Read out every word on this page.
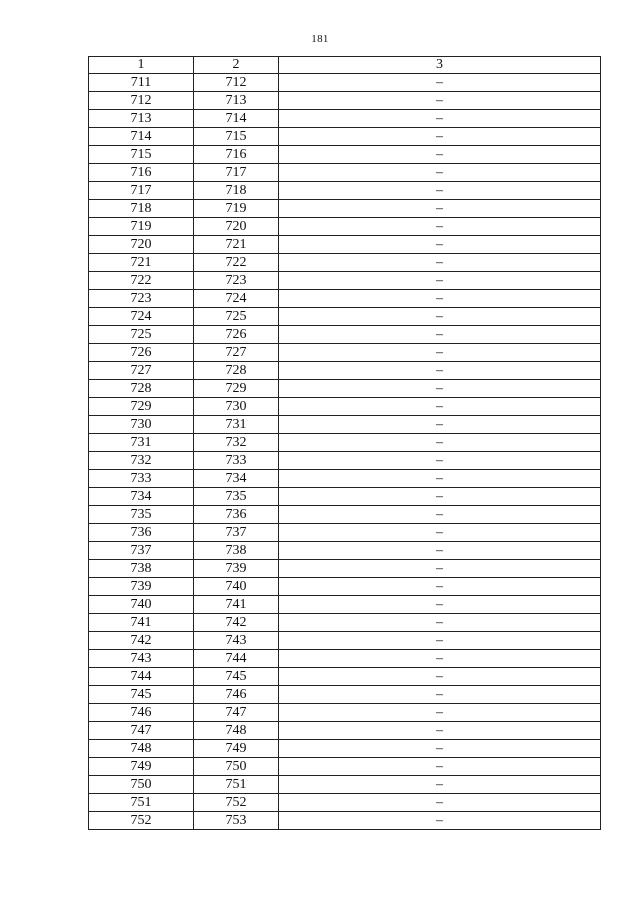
181
1	2	3
711	712	–
712	713	–
713	714	–
714	715	–
715	716	–
716	717	–
717	718	–
718	719	–
719	720	–
720	721	–
721	722	–
722	723	–
723	724	–
724	725	–
725	726	–
726	727	–
727	728	–
728	729	–
729	730	–
730	731	–
731	732	–
732	733	–
733	734	–
734	735	–
735	736	–
736	737	–
737	738	–
738	739	–
739	740	–
740	741	–
741	742	–
742	743	–
743	744	–
744	745	–
745	746	–
746	747	–
747	748	–
748	749	–
749	750	–
750	751	–
751	752	–
752	753	–
